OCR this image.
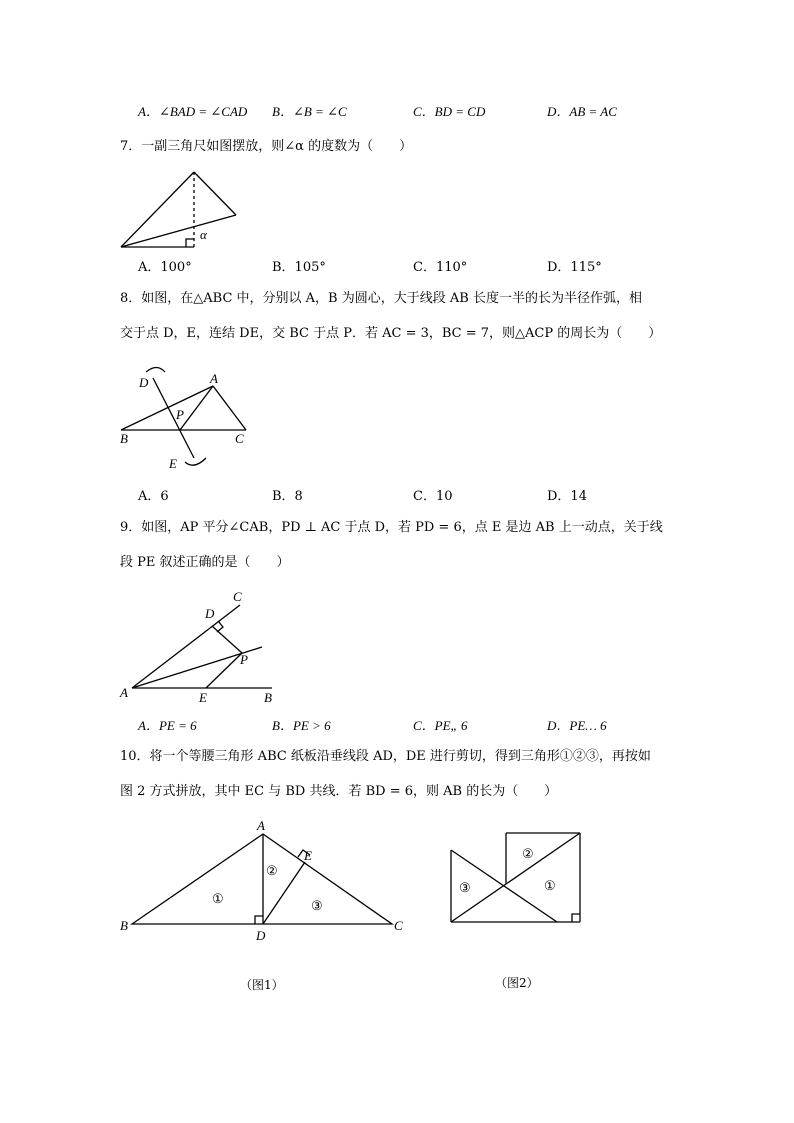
A．∠BAD = ∠CAD B．∠B = ∠C	C．BD = CD	D．AB = AC
7．一副三角尺如图摆放，则∠α 的度数为（　　）
α
A．100°	B．105°	C．110°	D．115°
8．如图，在△ABC 中，分别以 A，B 为圆心，大于线段 AB 长度一半的长为半径作弧，相
交于点 D，E，连结 DE，交 BC 于点 P．若 AC = 3，BC = 7，则△ACP 的周长为（　　）
D	A
P
B	C
E
A．6	B．8	C．10	D．14
9．如图，AP 平分∠CAB，PD ⊥ AC 于点 D，若 PD = 6，点 E 是边 AB 上一动点，关于线
段 PE 叙述正确的是（　　）
C
D
P
A	E	B
A．PE = 6	B．PE > 6	C．PE„ 6	D．PE… 6
10．将一个等腰三角形 ABC 纸板沿垂线段 AD，DE 进行剪切，得到三角形①②③，再按如
图 2 方式拼放，其中 EC 与 BD 共线．若 BD = 6，则 AB 的长为（　　）
A
E
B
D
C
①
②
③
（图1）
③
②
①
（图2）
